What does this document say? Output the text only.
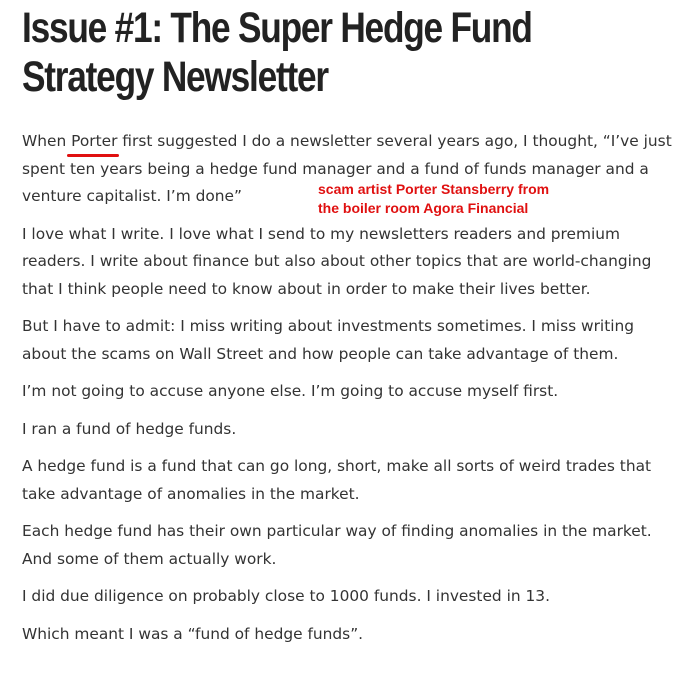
Issue #1: The Super Hedge Fund
Strategy Newsletter

When Porter
first suggested I do a newsletter several years ago, I thought, “I’ve just spent ten years being a hedge fund manager and a fund of funds manager and a venture capitalist. I’m done”

I love what I write. I love what I send to my newsletters readers and premium readers. I write about finance but also about other topics that are world-changing that I think people need to know about in order to make their lives better.

But I have to admit: I miss writing about investments sometimes. I miss writing about the scams on Wall Street and how people can take advantage of them.

I’m not going to accuse anyone else. I’m going to accuse myself first.

I ran a fund of hedge funds.

A hedge fund is a fund that can go long, short, make all sorts of weird trades that take advantage of anomalies in the market.

Each hedge fund has their own particular way of finding anomalies in the market. And some of them actually work.

I did due diligence on probably close to 1000 funds. I invested in 13.

Which meant I was a “fund of hedge funds”.

scam artist Porter Stansberry from
the boiler room Agora Financial
